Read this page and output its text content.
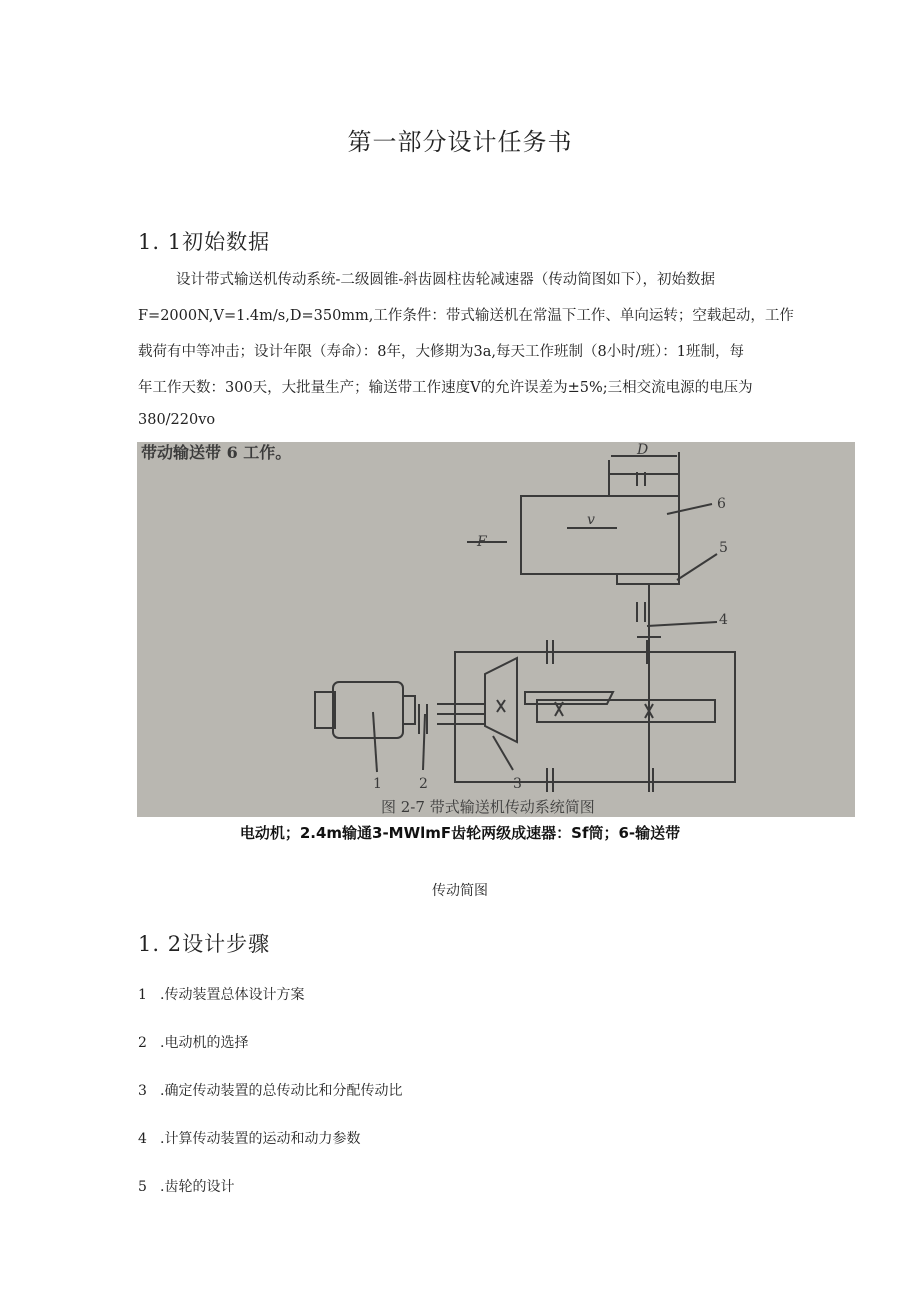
第一部分设计任务书
1. 1初始数据
设计带式输送机传动系统-二级圆锥-斜齿圆柱齿轮减速器（传动简图如下），初始数据
F=2000N,V=1.4m/s,D=350mm,工作条件：带式输送机在常温下工作、单向运转；空载起动，工作
载荷有中等冲击；设计年限（寿命）：8年，大修期为3a,每天工作班制（8小时/班）：1班制，每
年工作天数：300天，大批量生产；输送带工作速度V的允许误差为±5%;三相交流电源的电压为
380/220vo
带动输送带 6 工作。	D
F
v
6
5
4
3
2
1
图 2-7 带式输送机传动系统简图
电动机；2.4m输通3-MWlmF齿轮两级成速器：Sf筒；6-输送带
传动简图
1. 2设计步骤
1 .传动装置总体设计方案
2 .电动机的选择
3 .确定传动装置的总传动比和分配传动比
4 .计算传动装置的运动和动力参数
5 .齿轮的设计
